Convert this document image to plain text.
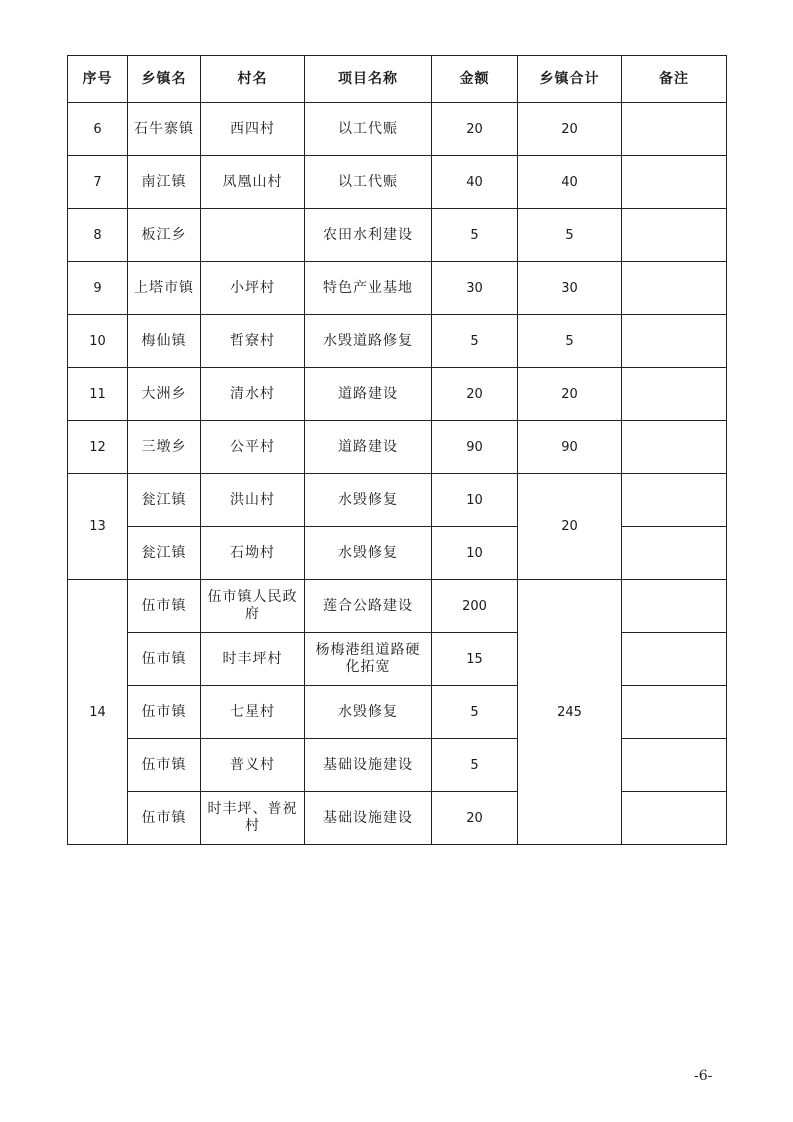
序号	乡镇名	村名	项目名称	金额	乡镇合计	备注
6	石牛寨镇	西四村	以工代赈	20	20	
7	南江镇	凤凰山村	以工代赈	40	40	
8	板江乡		农田水利建设	5	5	
9	上塔市镇	小坪村	特色产业基地	30	30	
10	梅仙镇	哲寮村	水毁道路修复	5	5	
11	大洲乡	清水村	道路建设	20	20	
12	三墩乡	公平村	道路建设	90	90	
13	瓮江镇	洪山村	水毁修复	10	20	
	瓮江镇	石坳村	水毁修复	10		
14	伍市镇	伍市镇人民政府	莲合公路建设	200	245	
	伍市镇	时丰坪村	杨梅港组道路硬化拓宽	15		
	伍市镇	七星村	水毁修复	5		
	伍市镇	普义村	基础设施建设	5		
	伍市镇	时丰坪、普祝村	基础设施建设	20		
-6-
